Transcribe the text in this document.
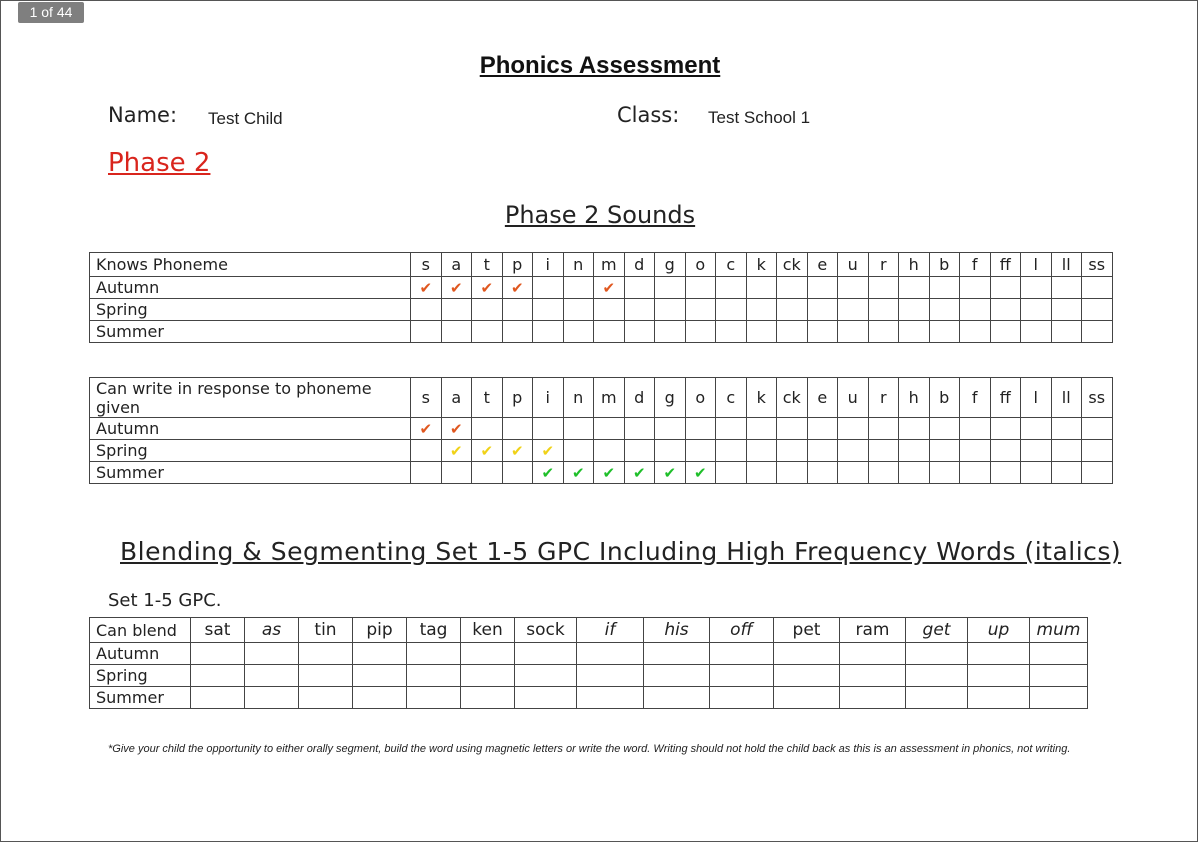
1 of 44
Phonics Assessment
Name: Test Child	Class: Test School 1
Phase 2
Phase 2 Sounds
Knows Phoneme	s	a	t	p	i	n	m	d	g	o	c	k	ck	e	u	r	h	b	f	ff	l	ll	ss
Autumn	✔	✔	✔	✔			✔																
Spring																							
Summer																							
Can write in response to phoneme given	s	a	t	p	i	n	m	d	g	o	c	k	ck	e	u	r	h	b	f	ff	l	ll	ss
Autumn	✔	✔																					
Spring		✔	✔	✔	✔																		
Summer					✔	✔	✔	✔	✔	✔													
Blending & Segmenting Set 1-5 GPC Including High Frequency Words (italics)
Set 1-5 GPC.
Can blend	sat	as	tin	pip	tag	ken	sock	if	his	off	pet	ram	get	up	mum
Autumn															
Spring															
Summer															
*Give your child the opportunity to either orally segment, build the word using magnetic letters or write the word. Writing should not hold the child back as this is an assessment in phonics, not writing.
